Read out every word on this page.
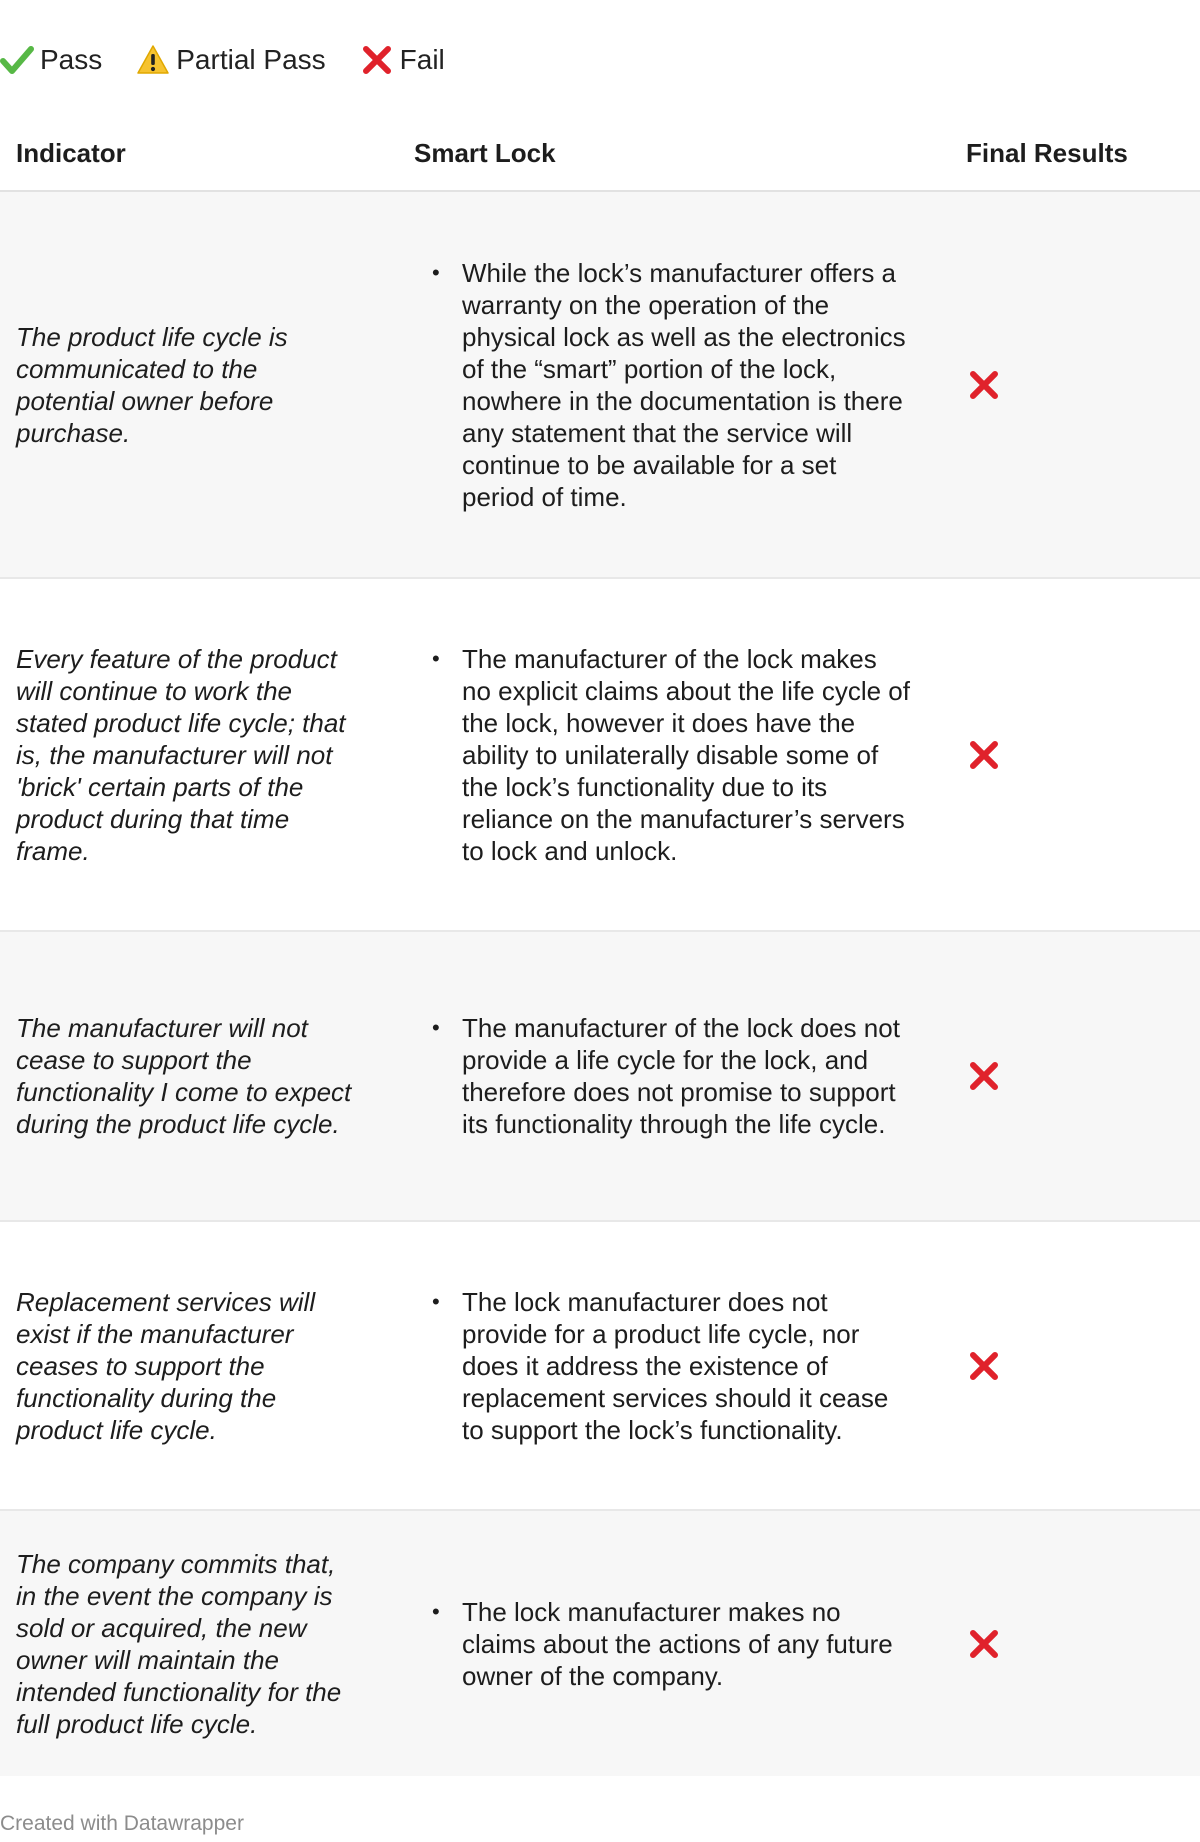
Pass	Partial Pass	Fail
Indicator	Smart Lock	Final Results
The product life cycle is communicated to the potential owner before purchase.
• While the lock’s manufacturer offers a warranty on the operation of the physical lock as well as the electronics of the “smart” portion of the lock, nowhere in the documentation is there any statement that the service will continue to be available for a set period of time.
Every feature of the product will continue to work the stated product life cycle; that is, the manufacturer will not 'brick' certain parts of the product during that time frame.
• The manufacturer of the lock makes no explicit claims about the life cycle of the lock, however it does have the ability to unilaterally disable some of the lock’s functionality due to its reliance on the manufacturer’s servers to lock and unlock.
The manufacturer will not cease to support the functionality I come to expect during the product life cycle.
• The manufacturer of the lock does not provide a life cycle for the lock, and therefore does not promise to support its functionality through the life cycle.
Replacement services will exist if the manufacturer ceases to support the functionality during the product life cycle.
• The lock manufacturer does not provide for a product life cycle, nor does it address the existence of replacement services should it cease to support the lock’s functionality.
The company commits that, in the event the company is sold or acquired, the new owner will maintain the intended functionality for the full product life cycle.
• The lock manufacturer makes no claims about the actions of any future owner of the company.
Created with Datawrapper
